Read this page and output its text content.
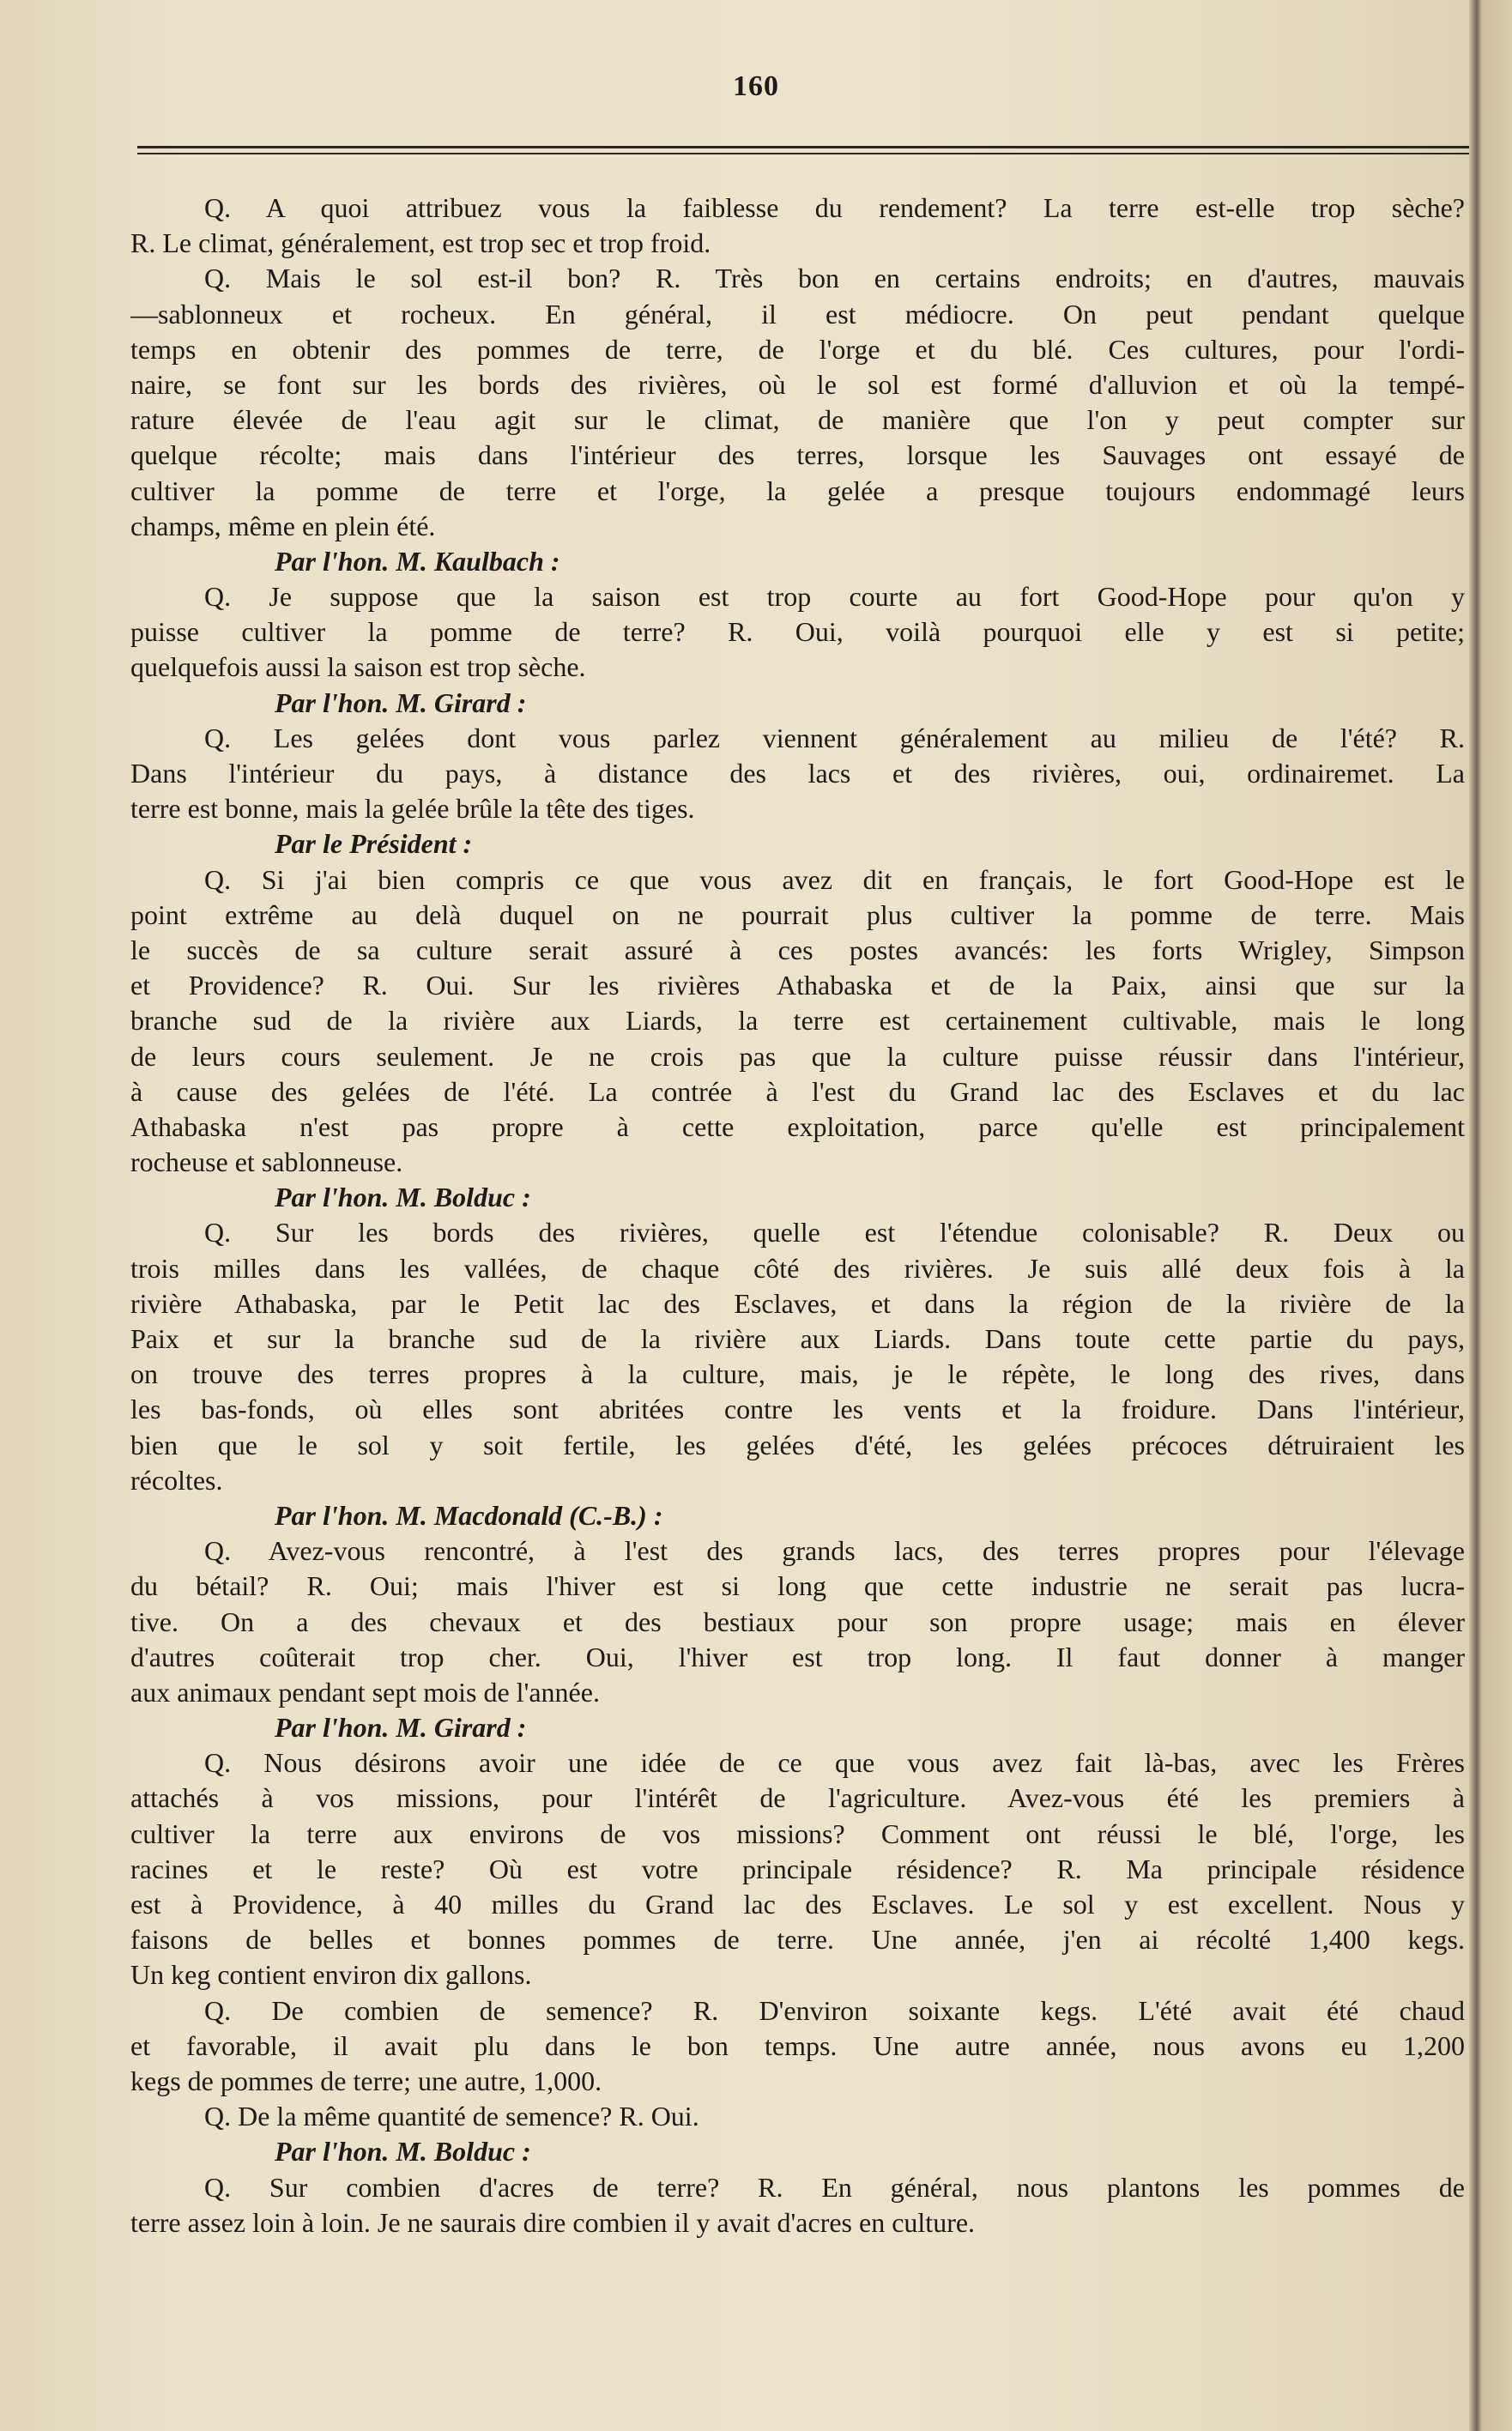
160
Q. A quoi attribuez vous la faiblesse du rendement? La terre est-elle trop sèche?
R. Le climat, généralement, est trop sec et trop froid.
Q. Mais le sol est-il bon? R. Très bon en certains endroits; en d'autres, mauvais
—sablonneux et rocheux. En général, il est médiocre. On peut pendant quelque
temps en obtenir des pommes de terre, de l'orge et du blé. Ces cultures, pour l'ordi-
naire, se font sur les bords des rivières, où le sol est formé d'alluvion et où la tempé-
rature élevée de l'eau agit sur le climat, de manière que l'on y peut compter sur
quelque récolte; mais dans l'intérieur des terres, lorsque les Sauvages ont essayé de
cultiver la pomme de terre et l'orge, la gelée a presque toujours endommagé leurs
champs, même en plein été.
Par l'hon. M. Kaulbach :
Q. Je suppose que la saison est trop courte au fort Good-Hope pour qu'on y
puisse cultiver la pomme de terre? R. Oui, voilà pourquoi elle y est si petite;
quelquefois aussi la saison est trop sèche.
Par l'hon. M. Girard :
Q. Les gelées dont vous parlez viennent généralement au milieu de l'été? R.
Dans l'intérieur du pays, à distance des lacs et des rivières, oui, ordinairemet. La
terre est bonne, mais la gelée brûle la tête des tiges.
Par le Président :
Q. Si j'ai bien compris ce que vous avez dit en français, le fort Good-Hope est le
point extrême au delà duquel on ne pourrait plus cultiver la pomme de terre. Mais
le succès de sa culture serait assuré à ces postes avancés: les forts Wrigley, Simpson
et Providence? R. Oui. Sur les rivières Athabaska et de la Paix, ainsi que sur la
branche sud de la rivière aux Liards, la terre est certainement cultivable, mais le long
de leurs cours seulement. Je ne crois pas que la culture puisse réussir dans l'intérieur,
à cause des gelées de l'été. La contrée à l'est du Grand lac des Esclaves et du lac
Athabaska n'est pas propre à cette exploitation, parce qu'elle est principalement
rocheuse et sablonneuse.
Par l'hon. M. Bolduc :
Q. Sur les bords des rivières, quelle est l'étendue colonisable? R. Deux ou
trois milles dans les vallées, de chaque côté des rivières. Je suis allé deux fois à la
rivière Athabaska, par le Petit lac des Esclaves, et dans la région de la rivière de la
Paix et sur la branche sud de la rivière aux Liards. Dans toute cette partie du pays,
on trouve des terres propres à la culture, mais, je le répète, le long des rives, dans
les bas-fonds, où elles sont abritées contre les vents et la froidure. Dans l'intérieur,
bien que le sol y soit fertile, les gelées d'été, les gelées précoces détruiraient les
récoltes.
Par l'hon. M. Macdonald (C.-B.) :
Q. Avez-vous rencontré, à l'est des grands lacs, des terres propres pour l'élevage
du bétail? R. Oui; mais l'hiver est si long que cette industrie ne serait pas lucra-
tive. On a des chevaux et des bestiaux pour son propre usage; mais en élever
d'autres coûterait trop cher. Oui, l'hiver est trop long. Il faut donner à manger
aux animaux pendant sept mois de l'année.
Par l'hon. M. Girard :
Q. Nous désirons avoir une idée de ce que vous avez fait là-bas, avec les Frères
attachés à vos missions, pour l'intérêt de l'agriculture. Avez-vous été les premiers à
cultiver la terre aux environs de vos missions? Comment ont réussi le blé, l'orge, les
racines et le reste? Où est votre principale résidence? R. Ma principale résidence
est à Providence, à 40 milles du Grand lac des Esclaves. Le sol y est excellent. Nous y
faisons de belles et bonnes pommes de terre. Une année, j'en ai récolté 1,400 kegs.
Un keg contient environ dix gallons.
Q. De combien de semence? R. D'environ soixante kegs. L'été avait été chaud
et favorable, il avait plu dans le bon temps. Une autre année, nous avons eu 1,200
kegs de pommes de terre; une autre, 1,000.
Q. De la même quantité de semence? R. Oui.
Par l'hon. M. Bolduc :
Q. Sur combien d'acres de terre? R. En général, nous plantons les pommes de
terre assez loin à loin. Je ne saurais dire combien il y avait d'acres en culture.
